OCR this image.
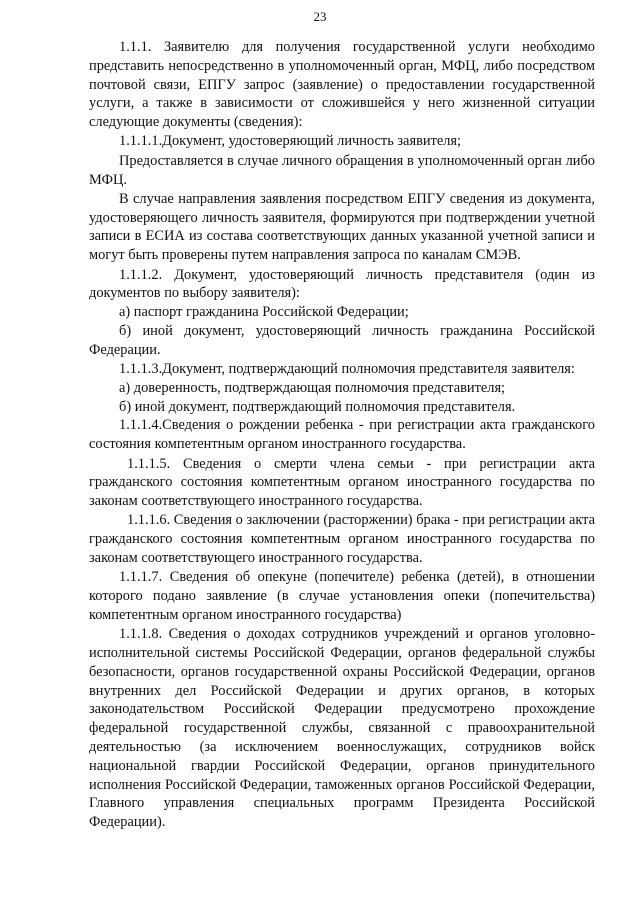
23

1.1.1. Заявителю для получения государственной услуги необходимо представить непосредственно в уполномоченный орган, МФЦ, либо посредством почтовой связи, ЕПГУ запрос (заявление) о предоставлении государственной услуги, а также в зависимости от сложившейся у него жизненной ситуации следующие документы (сведения):

1.1.1.1.Документ, удостоверяющий личность заявителя;

Предоставляется в случае личного обращения в уполномоченный орган либо МФЦ.

В случае направления заявления посредством ЕПГУ сведения из документа, удостоверяющего личность заявителя, формируются при подтверждении учетной записи в ЕСИА из состава соответствующих данных указанной учетной записи и могут быть проверены путем направления запроса по каналам СМЭВ.

1.1.1.2. Документ, удостоверяющий личность представителя (один из документов по выбору заявителя):

а) паспорт гражданина Российской Федерации;

б) иной документ, удостоверяющий личность гражданина Российской Федерации.

1.1.1.3.Документ, подтверждающий полномочия представителя заявителя:

а) доверенность, подтверждающая полномочия представителя;

б) иной документ, подтверждающий полномочия представителя.

1.1.1.4.Сведения о рождении ребенка - при регистрации акта гражданского состояния компетентным органом иностранного государства.

1.1.1.5. Сведения о смерти члена семьи - при регистрации акта гражданского состояния компетентным органом иностранного государства по законам соответствующего иностранного государства.

1.1.1.6. Сведения о заключении (расторжении) брака - при регистрации акта гражданского состояния компетентным органом иностранного государства по законам соответствующего иностранного государства.

1.1.1.7. Сведения об опекуне (попечителе) ребенка (детей), в отношении которого подано заявление (в случае установления опеки (попечительства) компетентным органом иностранного государства)

1.1.1.8. Сведения о доходах сотрудников учреждений и органов уголовно-исполнительной системы Российской Федерации, органов федеральной службы безопасности, органов государственной охраны Российской Федерации, органов внутренних дел Российской Федерации и других органов, в которых законодательством Российской Федерации предусмотрено прохождение федеральной государственной службы, связанной с правоохранительной деятельностью (за исключением военнослужащих, сотрудников войск национальной гвардии Российской Федерации, органов принудительного исполнения Российской Федерации, таможенных органов Российской Федерации, Главного управления специальных программ Президента Российской Федерации).
